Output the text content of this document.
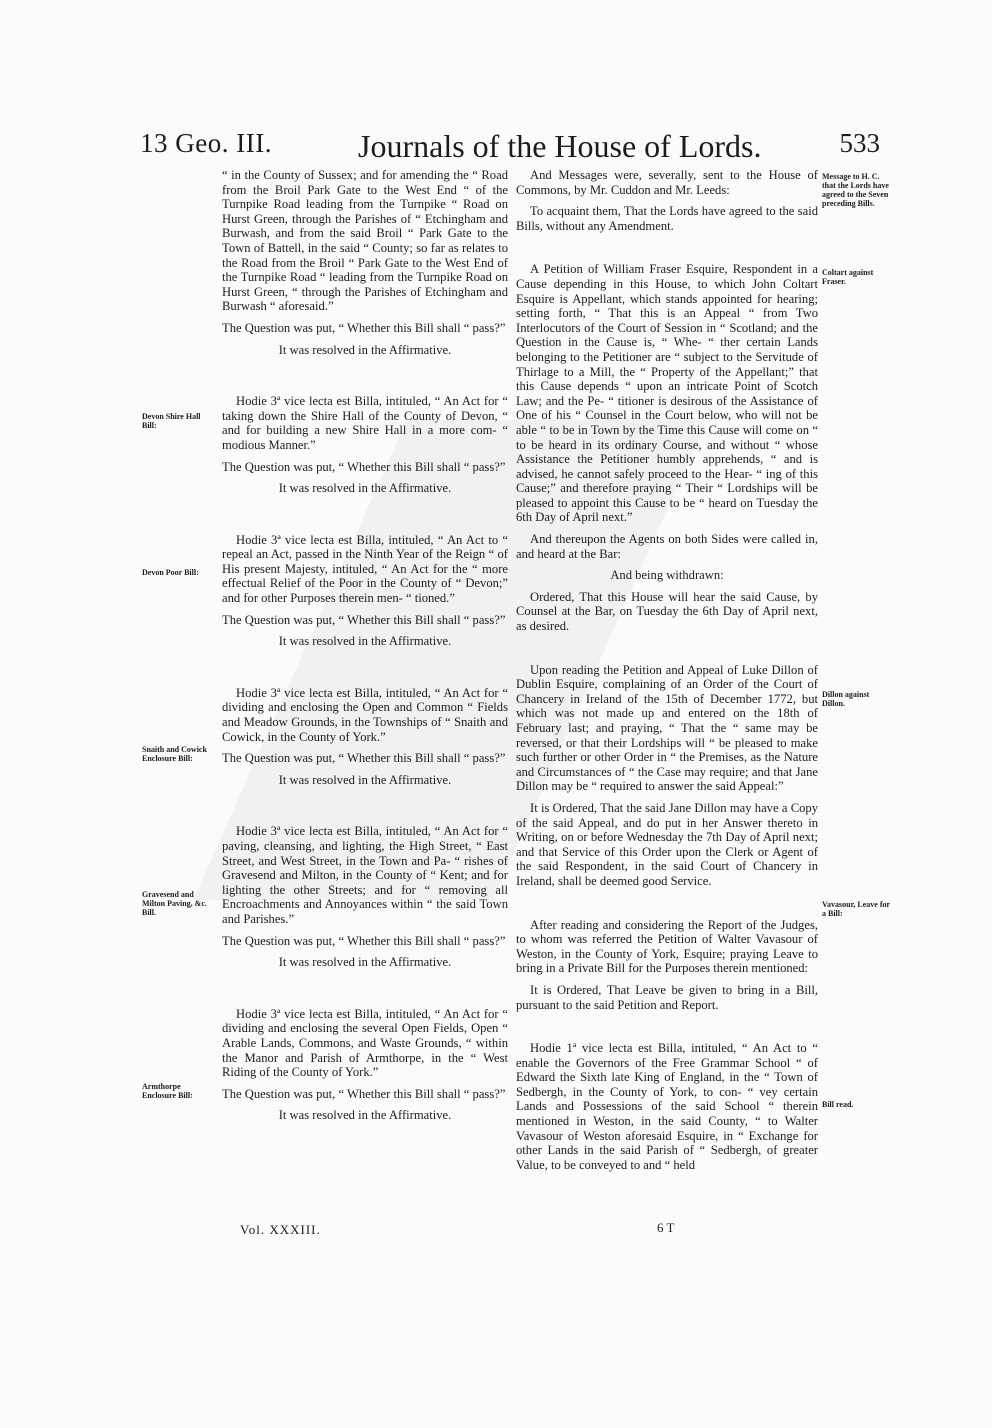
13 Geo. III.	Journals of the House of Lords.	533

“ in the County of Sussex; and for amending the “ Road from the Broil Park Gate to the West End “ of the Turnpike Road leading from the Turnpike “ Road on Hurst Green, through the Parishes of “ Etchingham and Burwash, and from the said Broil “ Park Gate to the Town of Battell, in the said “ County; so far as relates to the Road from the Broil “ Park Gate to the West End of the Turnpike Road “ leading from the Turnpike Road on Hurst Green, “ through the Parishes of Etchingham and Burwash “ aforesaid.”

The Question was put, “ Whether this Bill shall “ pass?”

It was resolved in the Affirmative.

Hodie 3ª vice lecta est Billa, intituled, “ An Act for “ taking down the Shire Hall of the County of Devon, “ and for building a new Shire Hall in a more com- “ modious Manner.”

The Question was put, “ Whether this Bill shall “ pass?”

It was resolved in the Affirmative.

Hodie 3ª vice lecta est Billa, intituled, “ An Act to “ repeal an Act, passed in the Ninth Year of the Reign “ of His present Majesty, intituled, “ An Act for the “ more effectual Relief of the Poor in the County of “ Devon;” and for other Purposes therein men- “ tioned.”

The Question was put, “ Whether this Bill shall “ pass?”

It was resolved in the Affirmative.

Hodie 3ª vice lecta est Billa, intituled, “ An Act for “ dividing and enclosing the Open and Common “ Fields and Meadow Grounds, in the Townships of “ Snaith and Cowick, in the County of York.”

The Question was put, “ Whether this Bill shall “ pass?”

It was resolved in the Affirmative.

Hodie 3ª vice lecta est Billa, intituled, “ An Act for “ paving, cleansing, and lighting, the High Street, “ East Street, and West Street, in the Town and Pa- “ rishes of Gravesend and Milton, in the County of “ Kent; and for lighting the other Streets; and for “ removing all Encroachments and Annoyances within “ the said Town and Parishes.”

The Question was put, “ Whether this Bill shall “ pass?”

It was resolved in the Affirmative.

Hodie 3ª vice lecta est Billa, intituled, “ An Act for “ dividing and enclosing the several Open Fields, Open “ Arable Lands, Commons, and Waste Grounds, “ within the Manor and Parish of Armthorpe, in the “ West Riding of the County of York.”

The Question was put, “ Whether this Bill shall “ pass?”

It was resolved in the Affirmative.

And Messages were, severally, sent to the House of Commons, by Mr. Cuddon and Mr. Leeds:

To acquaint them, That the Lords have agreed to the said Bills, without any Amendment.

A Petition of William Fraser Esquire, Respondent in a Cause depending in this House, to which John Coltart Esquire is Appellant, which stands appointed for hearing; setting forth, “ That this is an Appeal “ from Two Interlocutors of the Court of Session in “ Scotland; and the Question in the Cause is, “ Whe- “ ther certain Lands belonging to the Petitioner are “ subject to the Servitude of Thirlage to a Mill, the “ Property of the Appellant;” that this Cause depends “ upon an intricate Point of Scotch Law; and the Pe- “ titioner is desirous of the Assistance of One of his “ Counsel in the Court below, who will not be able “ to be in Town by the Time this Cause will come on “ to be heard in its ordinary Course, and without “ whose Assistance the Petitioner humbly apprehends, “ and is advised, he cannot safely proceed to the Hear- “ ing of this Cause;” and therefore praying “ Their “ Lordships will be pleased to appoint this Cause to be “ heard on Tuesday the 6th Day of April next.”

And thereupon the Agents on both Sides were called in, and heard at the Bar:

And being withdrawn:

Ordered, That this House will hear the said Cause, by Counsel at the Bar, on Tuesday the 6th Day of April next, as desired.

Upon reading the Petition and Appeal of Luke Dillon of Dublin Esquire, complaining of an Order of the Court of Chancery in Ireland of the 15th of December 1772, but which was not made up and entered on the 18th of February last; and praying, “ That the “ same may be reversed, or that their Lordships will “ be pleased to make such further or other Order in “ the Premises, as the Nature and Circumstances of “ the Case may require; and that Jane Dillon may be “ required to answer the said Appeal:”

It is Ordered, That the said Jane Dillon may have a Copy of the said Appeal, and do put in her Answer thereto in Writing, on or before Wednesday the 7th Day of April next; and that Service of this Order upon the Clerk or Agent of the said Respondent, in the said Court of Chancery in Ireland, shall be deemed good Service.

After reading and considering the Report of the Judges, to whom was referred the Petition of Walter Vavasour of Weston, in the County of York, Esquire; praying Leave to bring in a Private Bill for the Purposes therein mentioned:

It is Ordered, That Leave be given to bring in a Bill, pursuant to the said Petition and Report.

Hodie 1ª vice lecta est Billa, intituled, “ An Act to “ enable the Governors of the Free Grammar School “ of Edward the Sixth late King of England, in the “ Town of Sedbergh, in the County of York, to con- “ vey certain Lands and Possessions of the said School “ therein mentioned in Weston, in the said County, “ to Walter Vavasour of Weston aforesaid Esquire, in “ Exchange for other Lands in the said Parish of “ Sedbergh, of greater Value, to be conveyed to and “ held

Devon Shire Hall Bill:
Devon Poor Bill:
Snaith and Cowick Enclosure Bill:
Gravesend and Milton Paving, &c. Bill.
Armthorpe Enclosure Bill:
Message to H. C. that the Lords have agreed to the Seven preceding Bills.
Coltart against Fraser.
Dillon against Dillon.
Vavasour, Leave for a Bill:
Bill read.
Vol. XXXIII.	6 T
